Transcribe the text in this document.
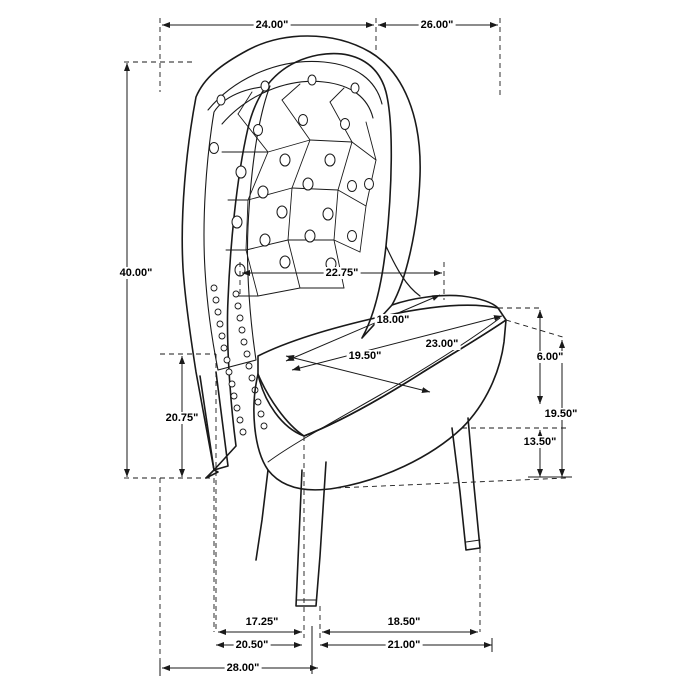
24.00"	26.00"
40.00"	22.75"
18.00"
23.00"
19.50"
20.75"
6.00"
19.50"
13.50"
17.25"	18.50"
20.50"	21.00"
28.00"
